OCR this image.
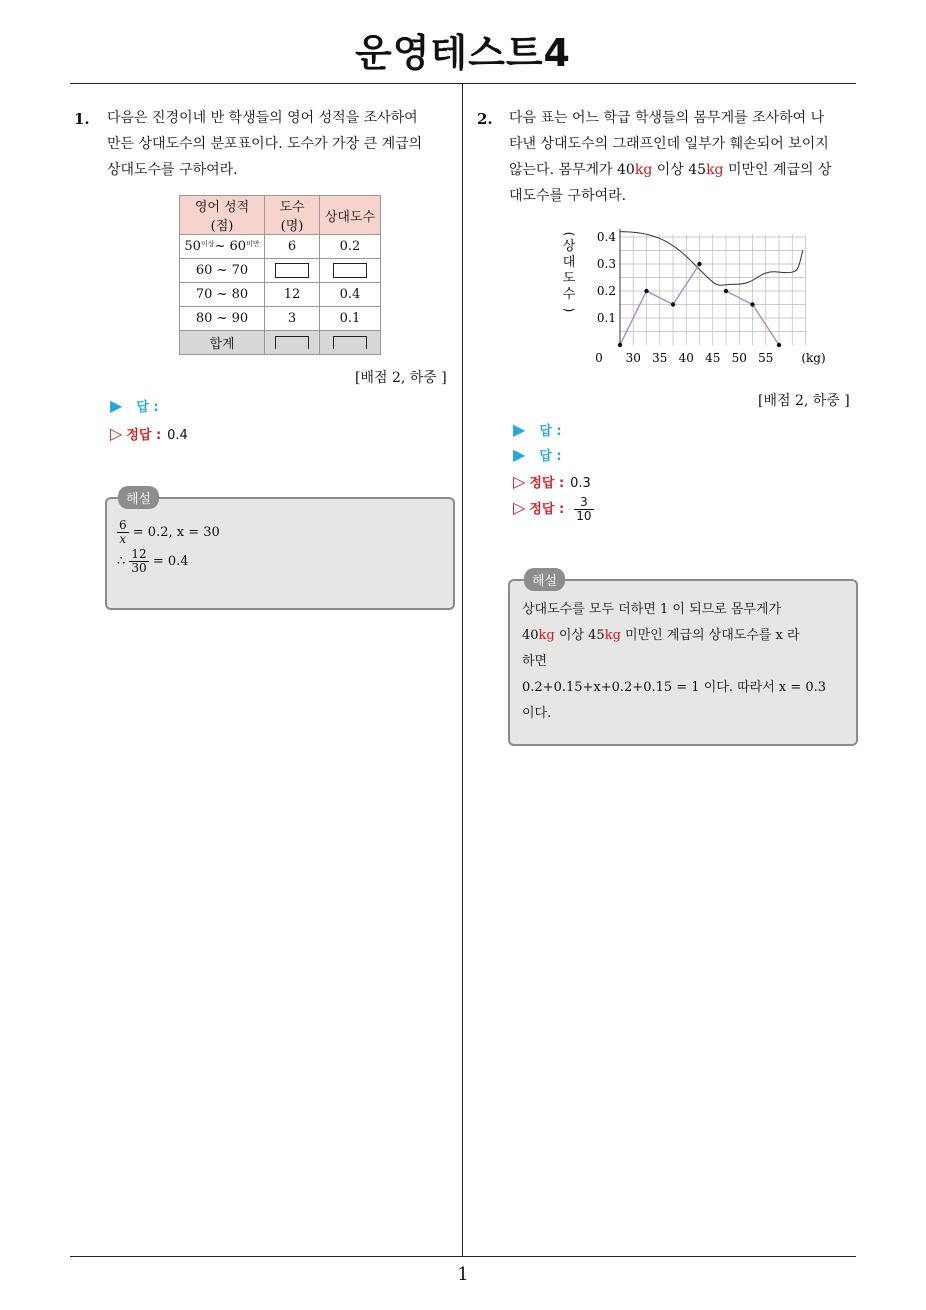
운영테스트4
1
1. 다음은 진경이네 반 학생들의 영어 성적을 조사하여
만든 상대도수의 분포표이다. 도수가 가장 큰 계급의
상대도수를 구하여라.
영어 성적(점)	도수(명)	상대도수
$50^{이상}\sim$ $60^{미만}$	6	0.2
60 ~ 70		
70 ~ 80	12	0.4
80 ~ 90	3	0.1
합계		
[배점 2, 하중 ]
▶ 답 :
▷ 정답 : 0.4
해설
$\frac{6}{x} = 0.2$, x = 30
∴ $\frac{12}{30} = 0.4$
2. 다음 표는 어느 학급 학생들의 몸무게를 조사하여 나
타낸 상대도수의 그래프인데 일부가 훼손되어 보이지
않는다. 몸무게가 40kg 이상 45kg 미만인 계급의 상
대도수를 구하여라.
0.1
0.2
0.3
0.4
30 35 40 45 50 55
0	(kg)
(
상
대
도
수
)
[배점 2, 하중 ]
▶ 답 :
▶ 답 :
▷ 정답 : 0.3
▷ 정답 : $\frac{3}{10}$
해설
상대도수를 모두 더하면 1 이 되므로 몸무게가
40kg 이상 45kg 미만인 계급의 상대도수를 x 라
하면
0.2+0.15+x+0.2+0.15 = 1 이다. 따라서 x = 0.3
이다.
